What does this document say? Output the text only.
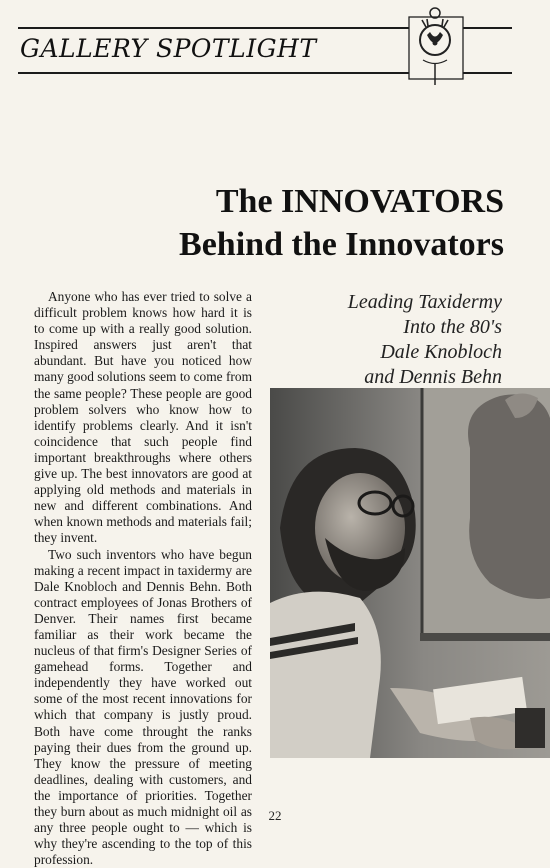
GALLERY SPOTLIGHT
The INNOVATORS
Behind the Innovators
Leading Taxidermy
Into the 80's
Dale Knobloch
and Dennis Behn

Anyone who has ever tried to solve a difficult problem knows how hard it is to come up with a really good solution. Inspired answers just aren't that abundant. But have you noticed how many good solutions seem to come from the same people? These people are good problem solvers who know how to identify problems clearly. And it isn't coincidence that such people find important breakthroughs where others give up. The best innovators are good at applying old methods and materials in new and different combinations. And when known methods and materials fail; they invent.

Two such inventors who have begun making a recent impact in taxidermy are Dale Knobloch and Dennis Behn. Both contract employees of Jonas Brothers of Denver. Their names first became familiar as their work became the nucleus of that firm's Designer Series of gamehead forms. Together and independently they have worked out some of the most recent innovations for which that company is justly proud. Both have come throught the ranks paying their dues from the ground up. They know the pressure of meeting deadlines, dealing with customers, and the importance of priorities. Together they burn about as much midnight oil as any three people ought to — which is why they're ascending to the top of this profession.

22
